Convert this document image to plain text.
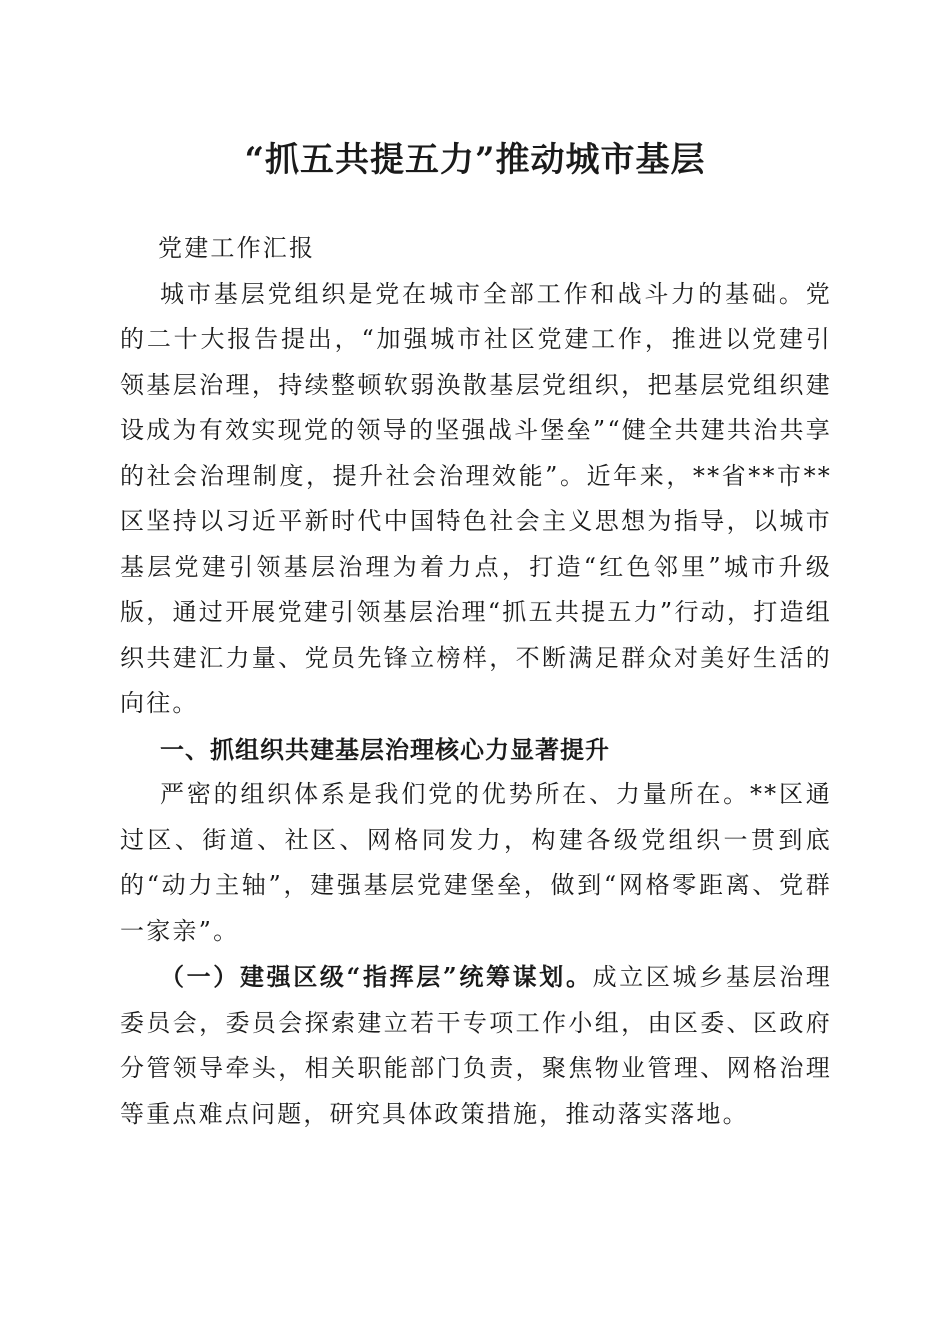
“抓五共提五力”推动城市基层

党建工作汇报

城市基层党组织是党在城市全部工作和战斗力的基础。党的二十大报告提出，“加强城市社区党建工作，推进以党建引领基层治理，持续整顿软弱涣散基层党组织，把基层党组织建设成为有效实现党的领导的坚强战斗堡垒”“健全共建共治共享的社会治理制度，提升社会治理效能”。近年来，**省**市**区坚持以习近平新时代中国特色社会主义思想为指导，以城市基层党建引领基层治理为着力点，打造“红色邻里”城市升级版，通过开展党建引领基层治理“抓五共提五力”行动，打造组织共建汇力量、党员先锋立榜样，不断满足群众对美好生活的向往。

一、抓组织共建基层治理核心力显著提升

严密的组织体系是我们党的优势所在、力量所在。**区通过区、街道、社区、网格同发力，构建各级党组织一贯到底的“动力主轴”，建强基层党建堡垒，做到“网格零距离、党群一家亲”。

（一）建强区级“指挥层”统筹谋划。成立区城乡基层治理委员会，委员会探索建立若干专项工作小组，由区委、区政府分管领导牵头，相关职能部门负责，聚焦物业管理、网格治理等重点难点问题，研究具体政策措施，推动落实落地。
